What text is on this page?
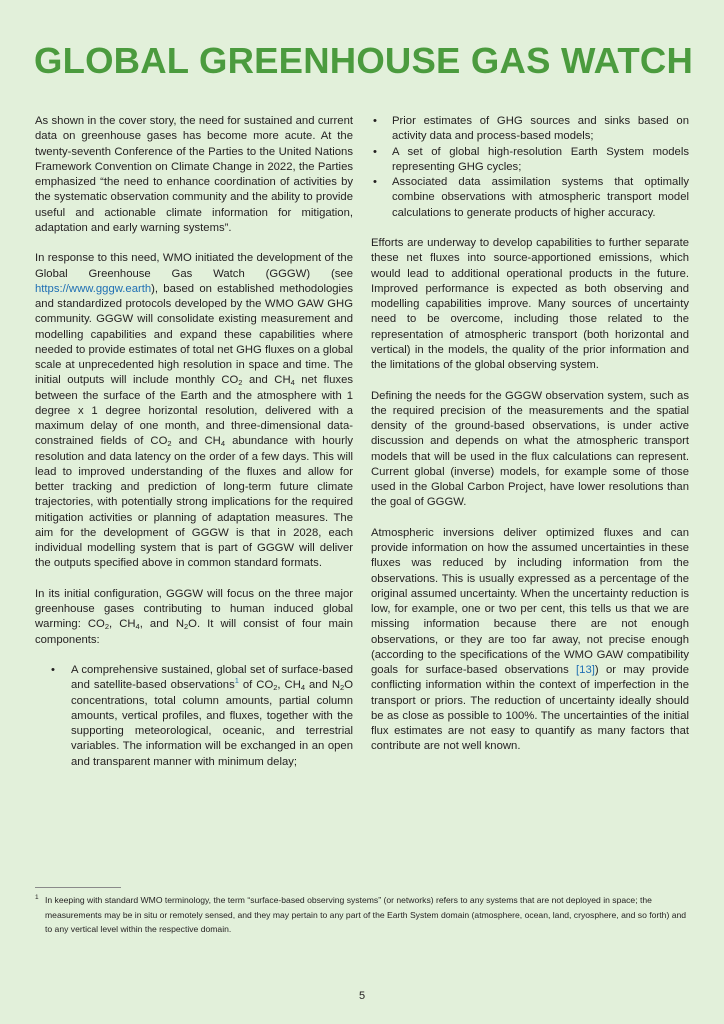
GLOBAL GREENHOUSE GAS WATCH

As shown in the cover story, the need for sustained and current data on greenhouse gases has become more acute. At the twenty-seventh Conference of the Parties to the United Nations Framework Convention on Climate Change in 2022, the Parties emphasized “the need to enhance coordination of activities by the systematic observation community and the ability to provide useful and actionable climate information for mitigation, adaptation and early warning systems”.

In response to this need, WMO initiated the development of the Global Greenhouse Gas Watch (GGGW) (see https://www.gggw.earth), based on established methodologies and standardized protocols developed by the WMO GAW GHG community. GGGW will consolidate existing measurement and modelling capabilities and expand these capabilities where needed to provide estimates of total net GHG fluxes on a global scale at unprecedented high resolution in space and time. The initial outputs will include monthly $CO_2$ and $CH_4$ net fluxes between the surface of the Earth and the atmosphere with 1 degree x 1 degree horizontal resolution, delivered with a maximum delay of one month, and three-dimensional data-constrained fields of $CO_2$ and $CH_4$ abundance with hourly resolution and data latency on the order of a few days. This will lead to improved understanding of the fluxes and allow for better tracking and prediction of long-term future climate trajectories, with potentially strong implications for the required mitigation activities or planning of adaptation measures. The aim for the development of GGGW is that in 2028, each individual modelling system that is part of GGGW will deliver the outputs specified above in common standard formats.

In its initial configuration, GGGW will focus on the three major greenhouse gases contributing to human induced global warming: $CO_2$, $CH_4$, and $N_2O$. It will consist of four main components:

• A comprehensive sustained, global set of surface-based and satellite-based observations$^1$ of $CO_2$, $CH_4$ and $N_2O$ concentrations, total column amounts, partial column amounts, vertical profiles, and fluxes, together with the supporting meteorological, oceanic, and terrestrial variables. The information will be exchanged in an open and transparent manner with minimum delay;
• Prior estimates of GHG sources and sinks based on activity data and process-based models;
• A set of global high-resolution Earth System models representing GHG cycles;
• Associated data assimilation systems that optimally combine observations with atmospheric transport model calculations to generate products of higher accuracy.

Efforts are underway to develop capabilities to further separate these net fluxes into source-apportioned emissions, which would lead to additional operational products in the future. Improved performance is expected as both observing and modelling capabilities improve. Many sources of uncertainty need to be overcome, including those related to the representation of atmospheric transport (both horizontal and vertical) in the models, the quality of the prior information and the limitations of the global observing system.

Defining the needs for the GGGW observation system, such as the required precision of the measurements and the spatial density of the ground-based observations, is under active discussion and depends on what the atmospheric transport models that will be used in the flux calculations can represent. Current global (inverse) models, for example some of those used in the Global Carbon Project, have lower resolutions than the goal of GGGW.

Atmospheric inversions deliver optimized fluxes and can provide information on how the assumed uncertainties in these fluxes was reduced by including information from the observations. This is usually expressed as a percentage of the original assumed uncertainty. When the uncertainty reduction is low, for example, one or two per cent, this tells us that we are missing information because there are not enough observations, or they are too far away, not precise enough (according to the specifications of the WMO GAW compatibility goals for surface-based observations [13]) or may provide conflicting information within the context of imperfection in the transport or priors. The reduction of uncertainty ideally should be as close as possible to 100%. The uncertainties of the initial flux estimates are not easy to quantify as many factors that contribute are not well known.

1 In keeping with standard WMO terminology, the term “surface-based observing systems” (or networks) refers to any systems that are not deployed in space; the measurements may be in situ or remotely sensed, and they may pertain to any part of the Earth System domain (atmosphere, ocean, land, cryosphere, and so forth) and to any vertical level within the respective domain.
5
